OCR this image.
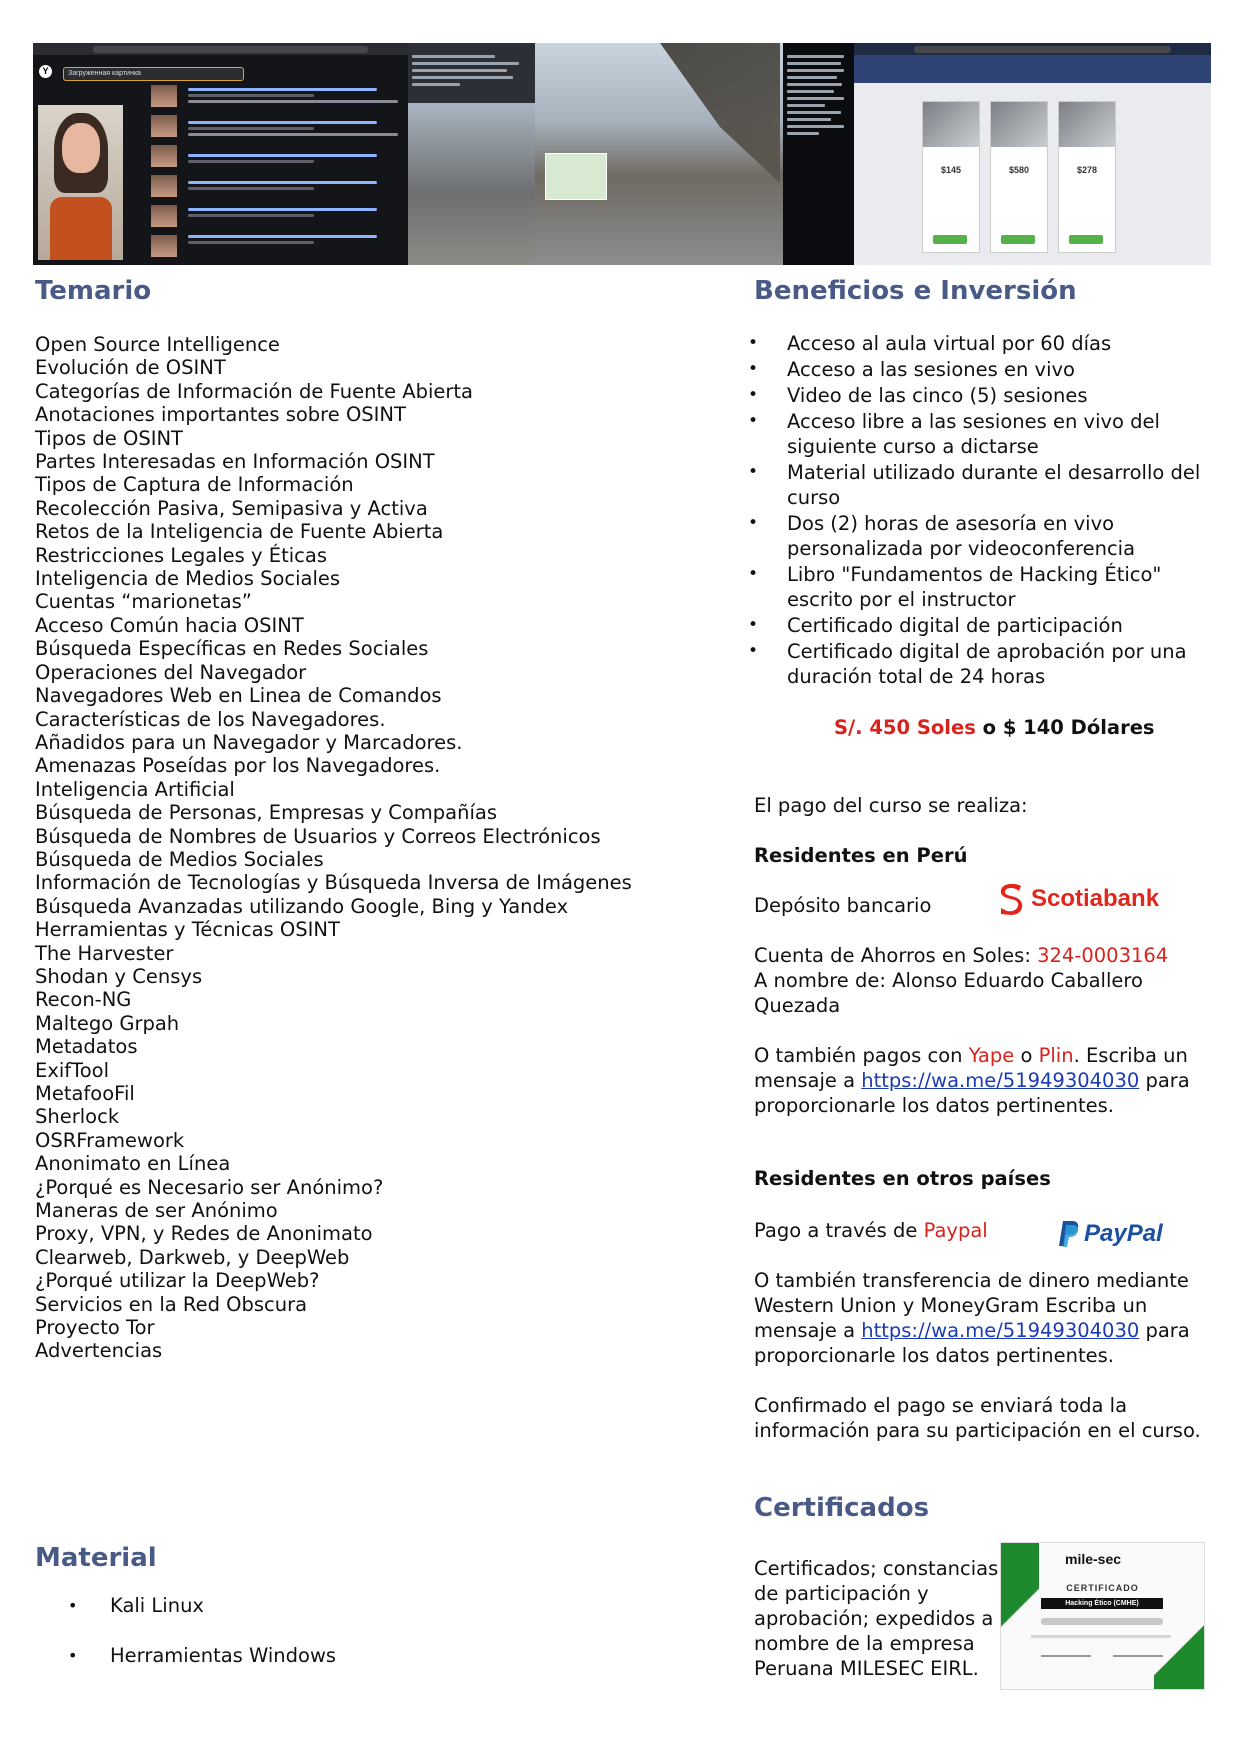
Y	Загруженная картинка
$145	$580	$278
Temario
Open Source Intelligence
Evolución de OSINT
Categorías de Información de Fuente Abierta
Anotaciones importantes sobre OSINT
Tipos de OSINT
Partes Interesadas en Información OSINT
Tipos de Captura de Información
Recolección Pasiva, Semipasiva y Activa
Retos de la Inteligencia de Fuente Abierta
Restricciones Legales y Éticas
Inteligencia de Medios Sociales
Cuentas “marionetas”
Acceso Común hacia OSINT
Búsqueda Específicas en Redes Sociales
Operaciones del Navegador
Navegadores Web en Linea de Comandos
Características de los Navegadores.
Añadidos para un Navegador y Marcadores.
Amenazas Poseídas por los Navegadores.
Inteligencia Artificial
Búsqueda de Personas, Empresas y Compañías
Búsqueda de Nombres de Usuarios y Correos Electrónicos
Búsqueda de Medios Sociales
Información de Tecnologías y Búsqueda Inversa de Imágenes
Búsqueda Avanzadas utilizando Google, Bing y Yandex
Herramientas y Técnicas OSINT
The Harvester
Shodan y Censys
Recon-NG
Maltego Grpah
Metadatos
ExifTool
MetafooFil
Sherlock
OSRFramework
Anonimato en Línea
¿Porqué es Necesario ser Anónimo?
Maneras de ser Anónimo
Proxy, VPN, y Redes de Anonimato
Clearweb, Darkweb, y DeepWeb
¿Porqué utilizar la DeepWeb?
Servicios en la Red Obscura
Proyecto Tor
Advertencias
Material
• Kali Linux
• Herramientas Windows
Beneficios e Inversión
• Acceso al aula virtual por 60 días
• Acceso a las sesiones en vivo
• Video de las cinco (5) sesiones
• Acceso libre a las sesiones en vivo del siguiente curso a dictarse
• Material utilizado durante el desarrollo del curso
• Dos (2) horas de asesoría en vivo personalizada por videoconferencia
• Libro "Fundamentos de Hacking Ético" escrito por el instructor
• Certificado digital de participación
• Certificado digital de aprobación por una duración total de 24 horas
S/. 450 Soles o $ 140 Dólares
El pago del curso se realiza:
Residentes en Perú
Depósito bancario	Scotiabank
Cuenta de Ahorros en Soles: 324-0003164
A nombre de: Alonso Eduardo Caballero
Quezada
O también pagos con Yape o Plin. Escriba un
mensaje a https://wa.me/51949304030 para
proporcionarle los datos pertinentes.
Residentes en otros países
Pago a través de Paypal	PayPal
O también transferencia de dinero mediante
Western Union y MoneyGram Escriba un
mensaje a https://wa.me/51949304030 para
proporcionarle los datos pertinentes.
Confirmado el pago se enviará toda la
información para su participación en el curso.
Certificados
Certificados; constancias
de participación y
aprobación; expedidos a
nombre de la empresa
Peruana MILESEC EIRL.
mile-sec
CERTIFICADO
Hacking Ético (CMHE)
